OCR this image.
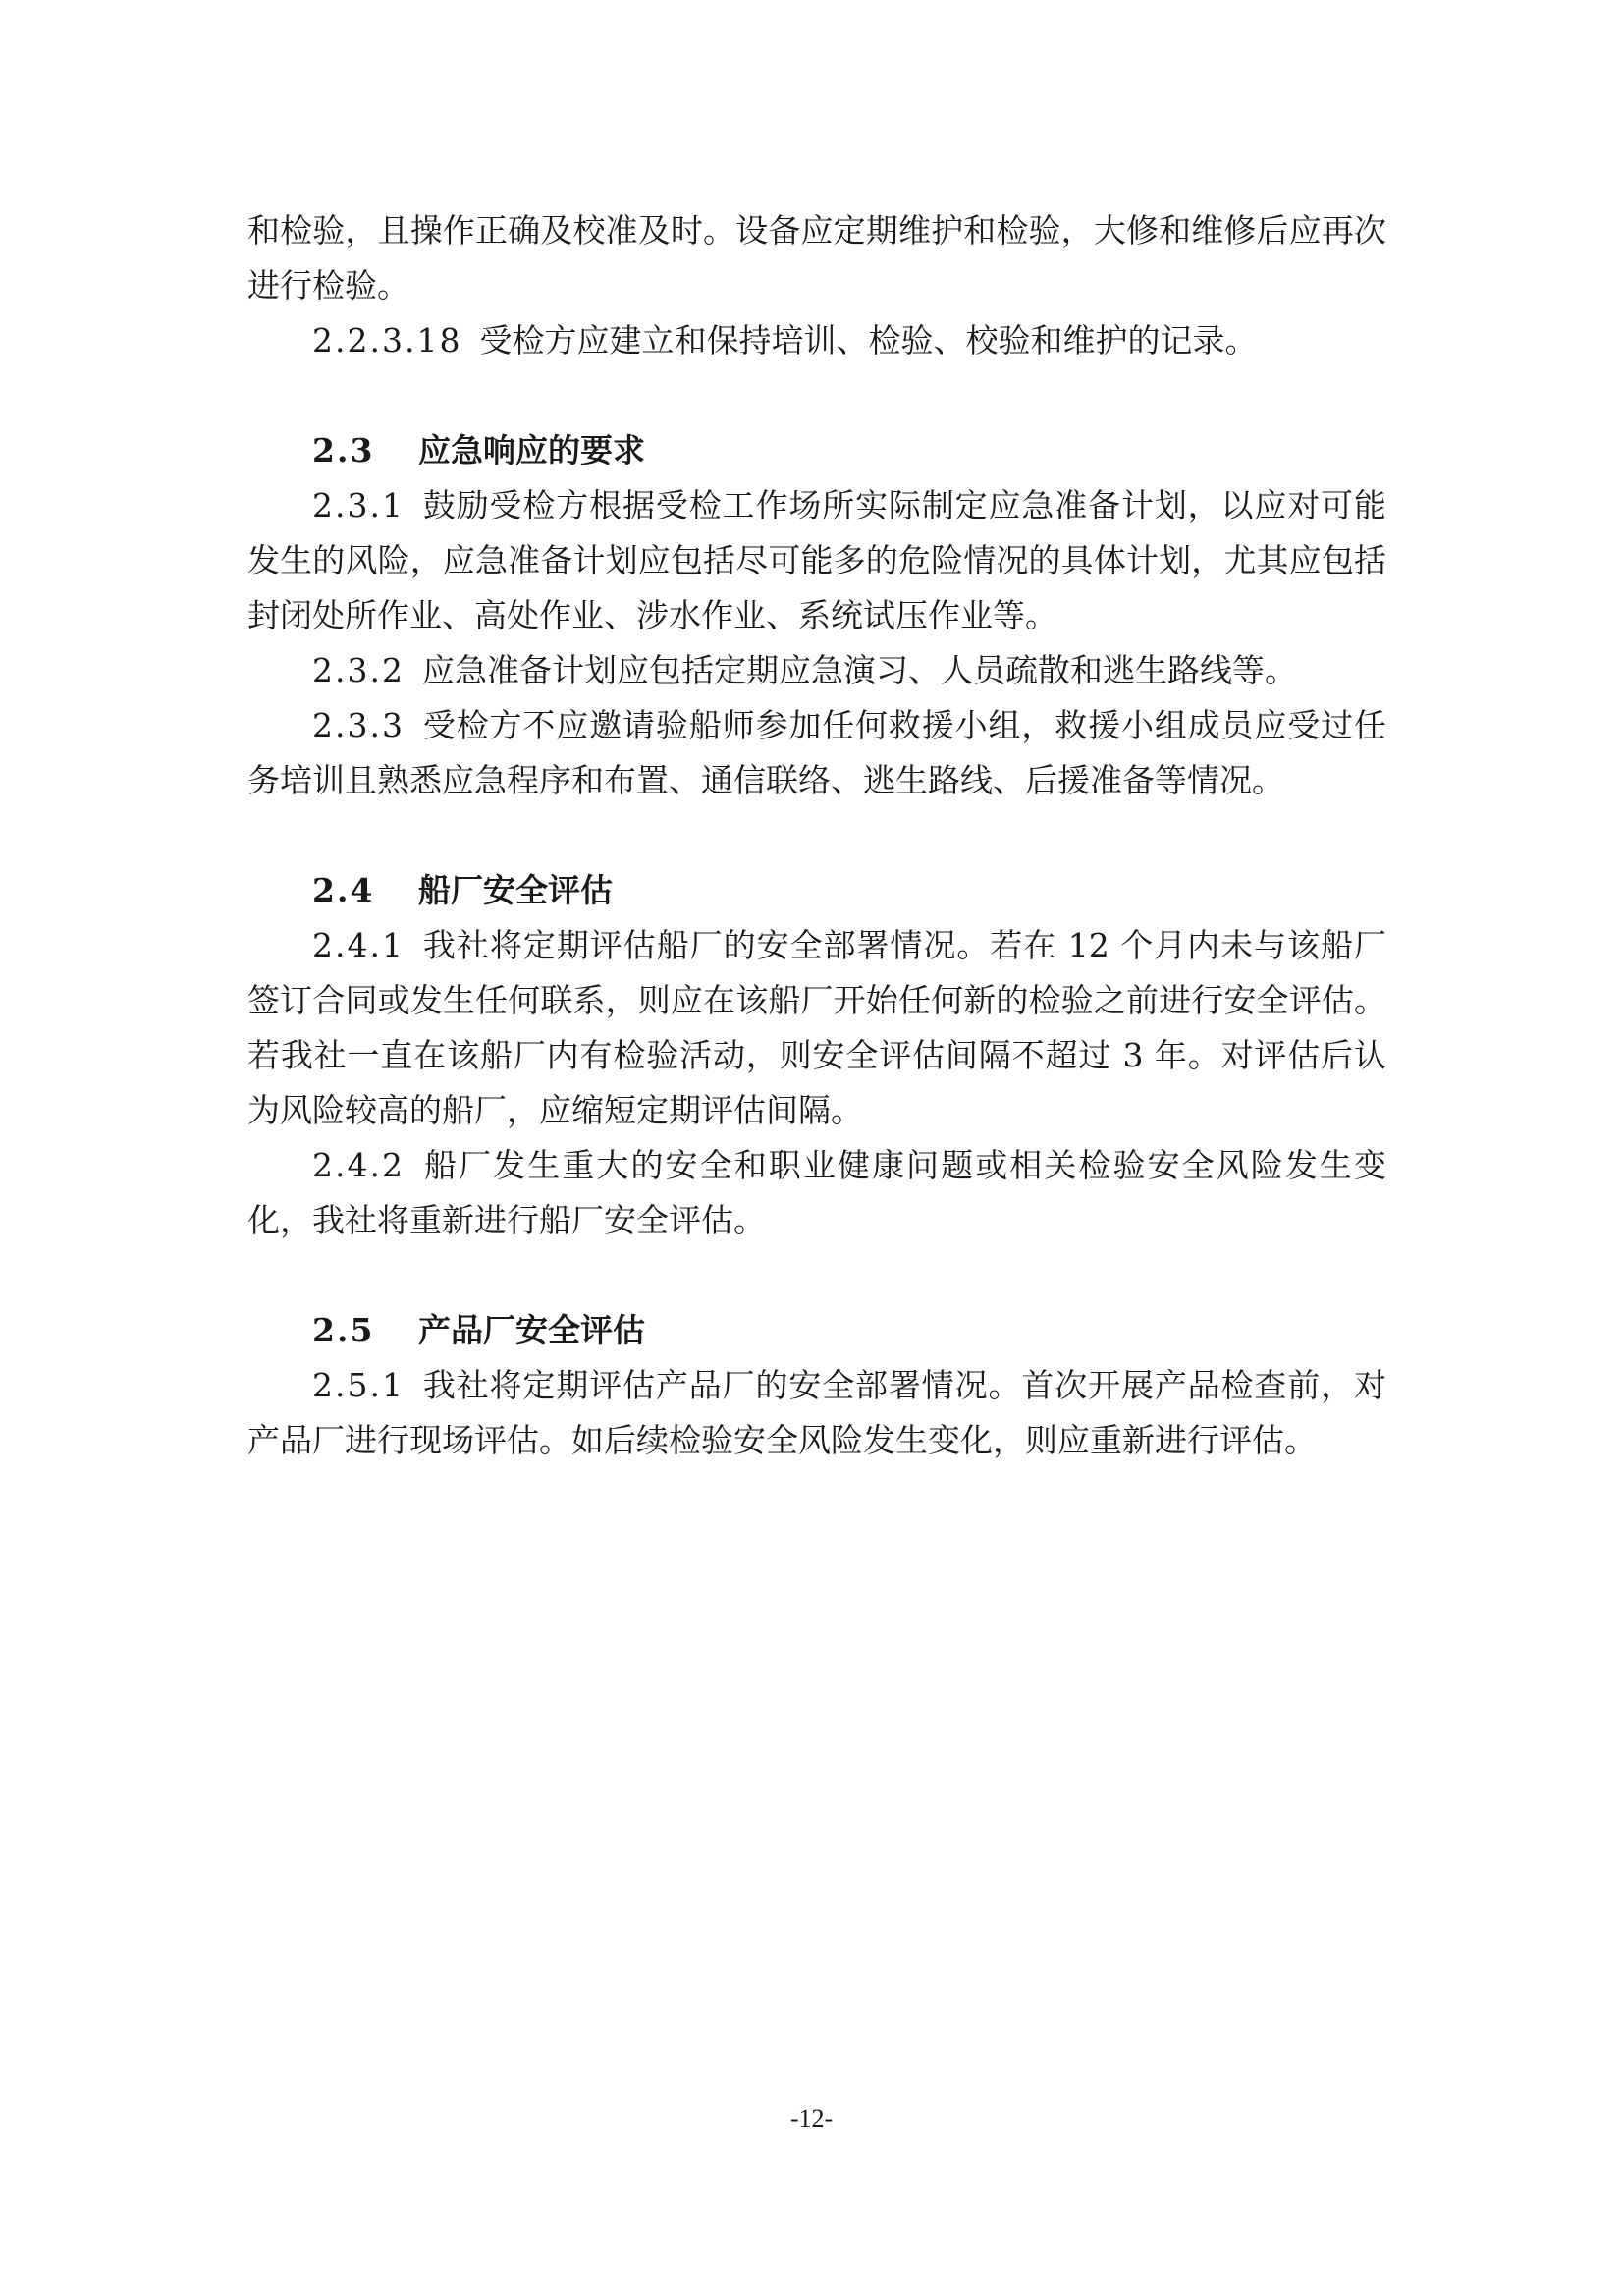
和检验，且操作正确及校准及时。设备应定期维护和检验，大修和维修后应再次进行检验。

2.2.3.18 受检方应建立和保持培训、检验、校验和维护的记录。

2.3 应急响应的要求

2.3.1 鼓励受检方根据受检工作场所实际制定应急准备计划，以应对可能发生的风险，应急准备计划应包括尽可能多的危险情况的具体计划，尤其应包括封闭处所作业、高处作业、涉水作业、系统试压作业等。

2.3.2 应急准备计划应包括定期应急演习、人员疏散和逃生路线等。

2.3.3 受检方不应邀请验船师参加任何救援小组，救援小组成员应受过任务培训且熟悉应急程序和布置、通信联络、逃生路线、后援准备等情况。

2.4 船厂安全评估

2.4.1 我社将定期评估船厂的安全部署情况。若在 12 个月内未与该船厂签订合同或发生任何联系，则应在该船厂开始任何新的检验之前进行安全评估。若我社一直在该船厂内有检验活动，则安全评估间隔不超过 3 年。对评估后认为风险较高的船厂，应缩短定期评估间隔。

2.4.2 船厂发生重大的安全和职业健康问题或相关检验安全风险发生变化，我社将重新进行船厂安全评估。

2.5 产品厂安全评估

2.5.1 我社将定期评估产品厂的安全部署情况。首次开展产品检查前，对产品厂进行现场评估。如后续检验安全风险发生变化，则应重新进行评估。

-12-
